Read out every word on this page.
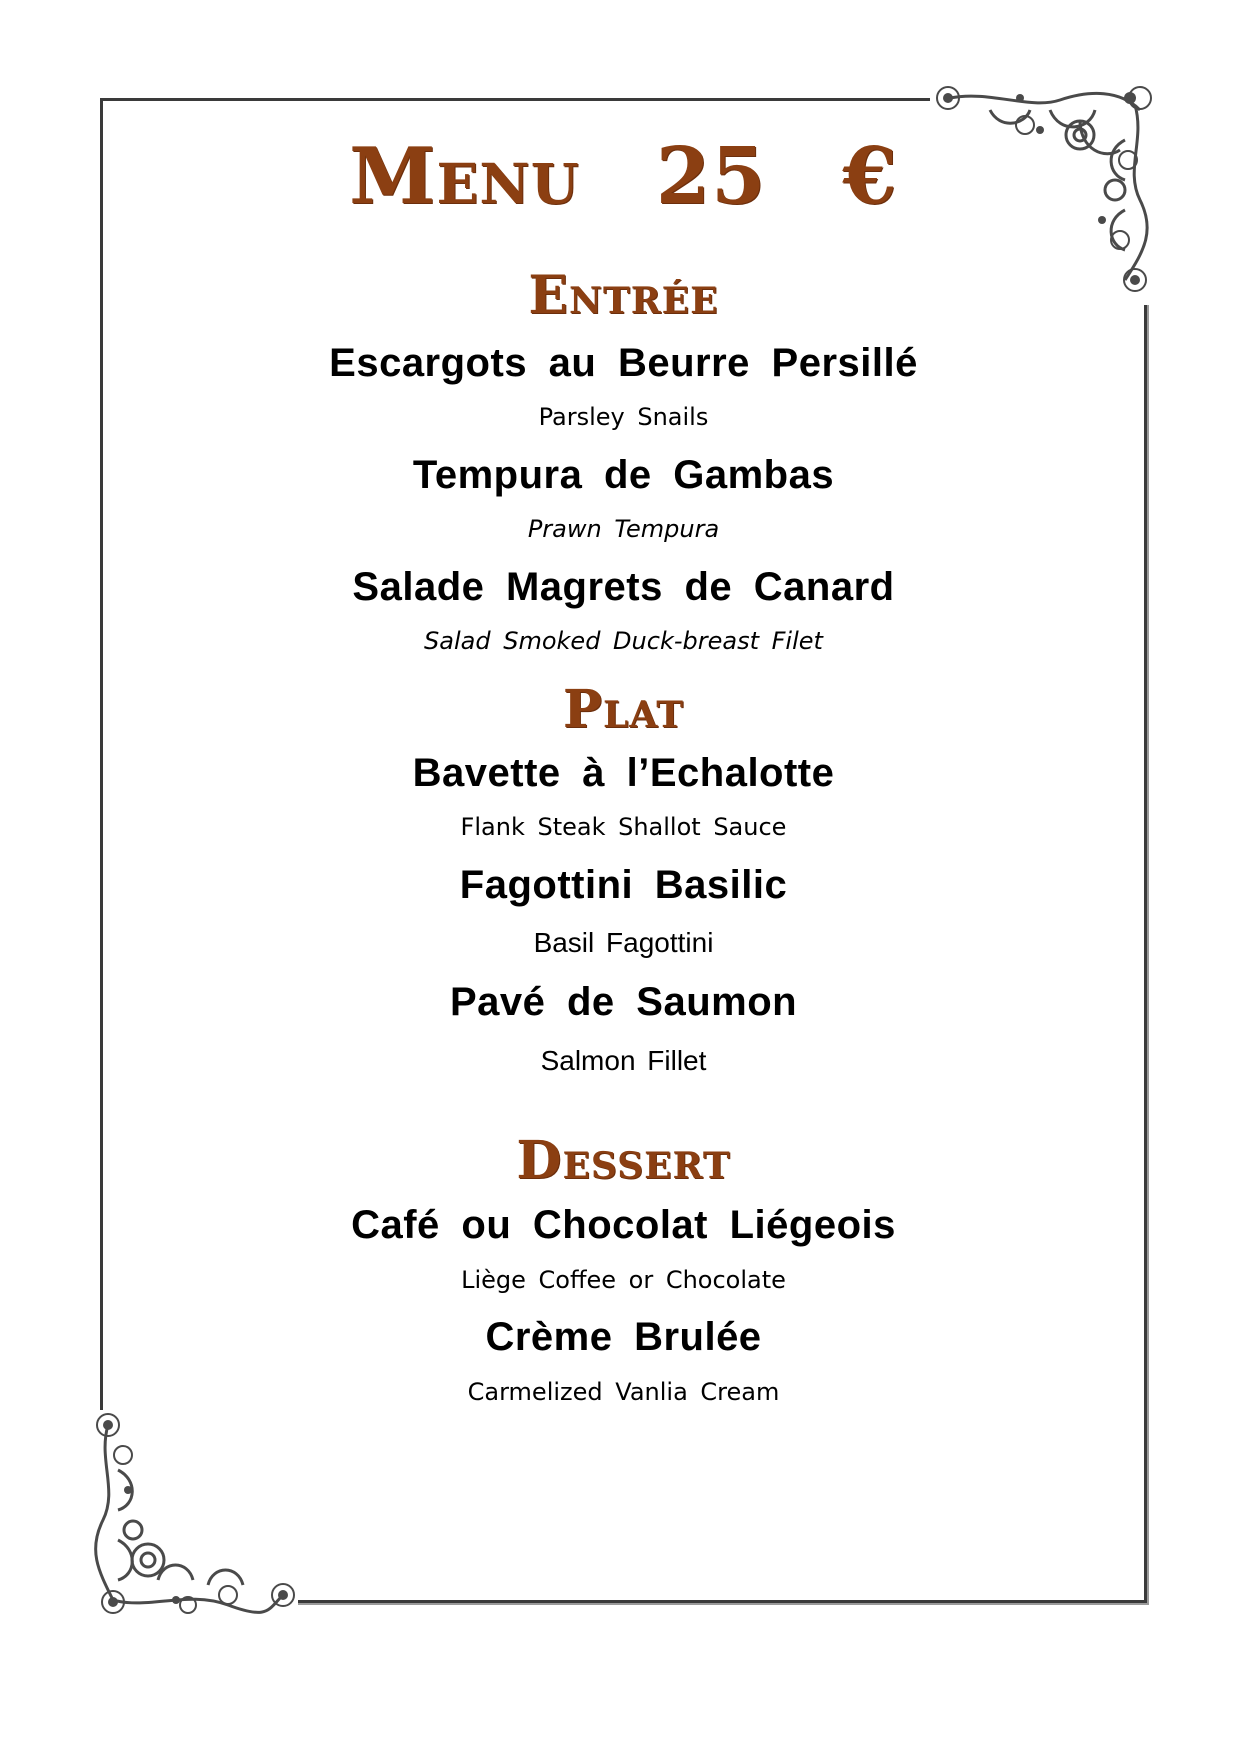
Menu 25 €
Entrée
Escargots au Beurre Persillé
Parsley Snails
Tempura de Gambas
Prawn Tempura
Salade Magrets de Canard
Salad Smoked Duck-breast Filet
Plat
Bavette à l’Echalotte
Flank Steak Shallot Sauce
Fagottini Basilic
Basil Fagottini
Pavé de Saumon
Salmon Fillet
Dessert
Café ou Chocolat Liégeois
Liège Coffee or Chocolate
Crème Brulée
Carmelized Vanlia Cream
